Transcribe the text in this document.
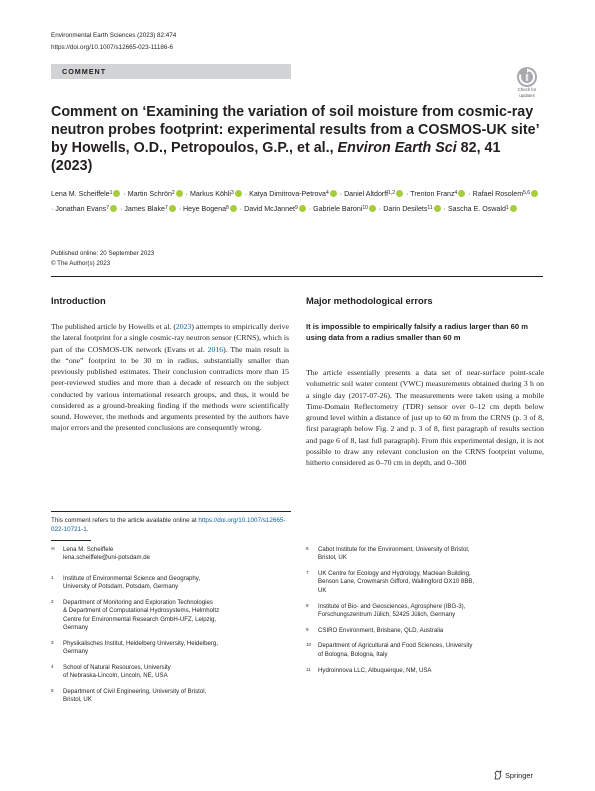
Environmental Earth Sciences (2023) 82:474
https://doi.org/10.1007/s12665-023-11186-6
COMMENT
Check for
updates
Comment on ‘Examining the variation of soil moisture from cosmic-ray neutron probes footprint: experimental results from a COSMOS-UK site’ by Howells, O.D., Petropoulos, G.P., et al., Environ Earth Sci 82, 41 (2023)
Lena M. Scheiffele$^1$ · Martin Schrön$^2$ · Markus Köhli$^3$ · Katya Dimitrova-Petrova$^4$ · Daniel Altdorff$^{1,2}$ · Trenton Franz$^4$ · Rafael Rosolem$^{5,6}$ · Jonathan Evans$^7$ · James Blake$^7$ · Heye Bogena$^8$ · David McJannet$^9$ · Gabriele Baroni$^{10}$ · Darin Desilets$^{11}$ · Sascha E. Oswald$^1$
Published online: 20 September 2023
© The Author(s) 2023
Introduction
The published article by Howells et al. (2023) attempts to empirically derive the lateral footprint for a single cosmic-ray neutron sensor (CRNS), which is part of the COSMOS-UK network (Evans et al. 2016). The main result is the “one” footprint to be 30 m in radius, substantially smaller than previously published estimates. Their conclusion contradicts more than 15 peer-reviewed studies and more than a decade of research on the subject conducted by various international research groups, and thus, it would be considered as a ground-breaking finding if the methods were scientifically sound. However, the methods and arguments presented by the authors have major errors and the presented conclusions are consequently wrong.
Major methodological errors
It is impossible to empirically falsify a radius larger than 60 m using data from a radius smaller than 60 m
The article essentially presents a data set of near-surface point-scale volumetric soil water content (VWC) measurements obtained during 3 h on a single day (2017-07-26). The measurements were taken using a mobile Time-Domain Reflectometry (TDR) sensor over 0–12 cm depth below ground level within a distance of just up to 60 m from the CRNS (p. 3 of 8, first paragraph below Fig. 2 and p. 3 of 8, first paragraph of results section and page 6 of 8, last full paragraph). From this experimental design, it is not possible to draw any relevant conclusion on the CRNS footprint volume, hitherto considered as 0–70 cm in depth, and 0–300
This comment refers to the article available online at https://doi.org/10.1007/s12665-022-10721-1.
✉ Lena M. Scheiffele
lena.scheiffele@uni-potsdam.de
Springer
1 Institute of Environmental Science and Geography,
University of Potsdam, Potsdam, Germany
2 Department of Monitoring and Exploration Technologies
& Department of Computational Hydrosystems, Helmholtz
Centre for Environmental Research GmbH-UFZ, Leipzig,
Germany
3 Physikalisches Institut, Heidelberg University, Heidelberg,
Germany
4 School of Natural Resources, University
of Nebraska-Lincoln, Lincoln, NE, USA
5 Department of Civil Engineering, University of Bristol,
Bristol, UK
6 Cabot Institute for the Environment, University of Bristol,
Bristol, UK
7 UK Centre for Ecology and Hydrology, Maclean Building,
Benson Lane, Crowmarsh Gifford, Wallingford OX10 8BB,
UK
8 Institute of Bio- and Geosciences, Agrosphere (IBG-3),
Forschungszentrum Jülich, 52425 Jülich, Germany
9 CSIRO Environment, Brisbane, QLD, Australia
10 Department of Agricultural and Food Sciences, University
of Bologna, Bologna, Italy
11 Hydroinnova LLC, Albuquerque, NM, USA
